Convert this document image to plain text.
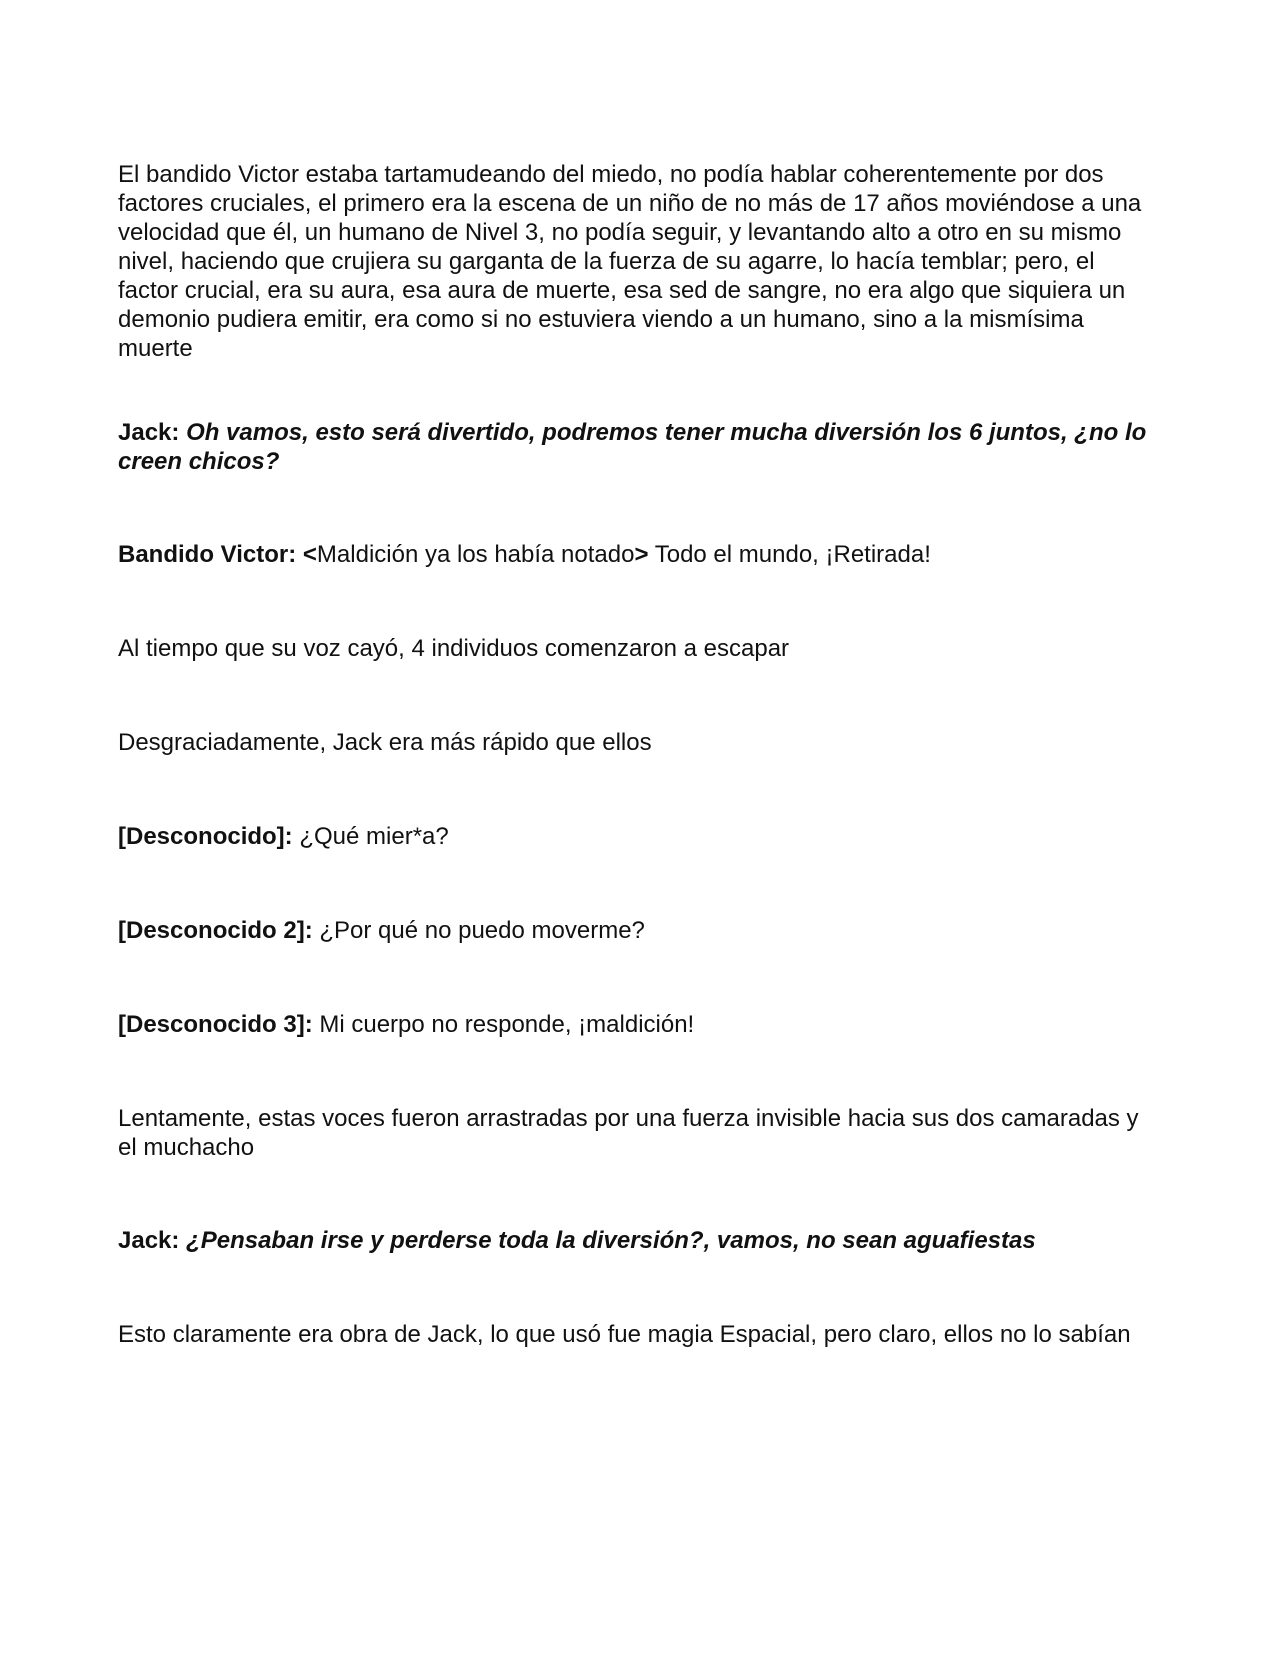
El bandido Victor estaba tartamudeando del miedo, no podía hablar coherentemente por dos factores cruciales, el primero era la escena de un niño de no más de 17 años moviéndose a una velocidad que él, un humano de Nivel 3, no podía seguir, y levantando alto a otro en su mismo nivel, haciendo que crujiera su garganta de la fuerza de su agarre, lo hacía temblar; pero, el factor crucial, era su aura, esa aura de muerte, esa sed de sangre, no era algo que siquiera un demonio pudiera emitir, era como si no estuviera viendo a un humano, sino a la mismísima muerte

Jack: Oh vamos, esto será divertido, podremos tener mucha diversión los 6 juntos, ¿no lo creen chicos?

Bandido Victor: <Maldición ya los había notado> Todo el mundo, ¡Retirada!

Al tiempo que su voz cayó, 4 individuos comenzaron a escapar

Desgraciadamente, Jack era más rápido que ellos

[Desconocido]: ¿Qué mier*a?

[Desconocido 2]: ¿Por qué no puedo moverme?

[Desconocido 3]: Mi cuerpo no responde, ¡maldición!

Lentamente, estas voces fueron arrastradas por una fuerza invisible hacia sus dos camaradas y el muchacho

Jack: ¿Pensaban irse y perderse toda la diversión?, vamos, no sean aguafiestas

Esto claramente era obra de Jack, lo que usó fue magia Espacial, pero claro, ellos no lo sabían
